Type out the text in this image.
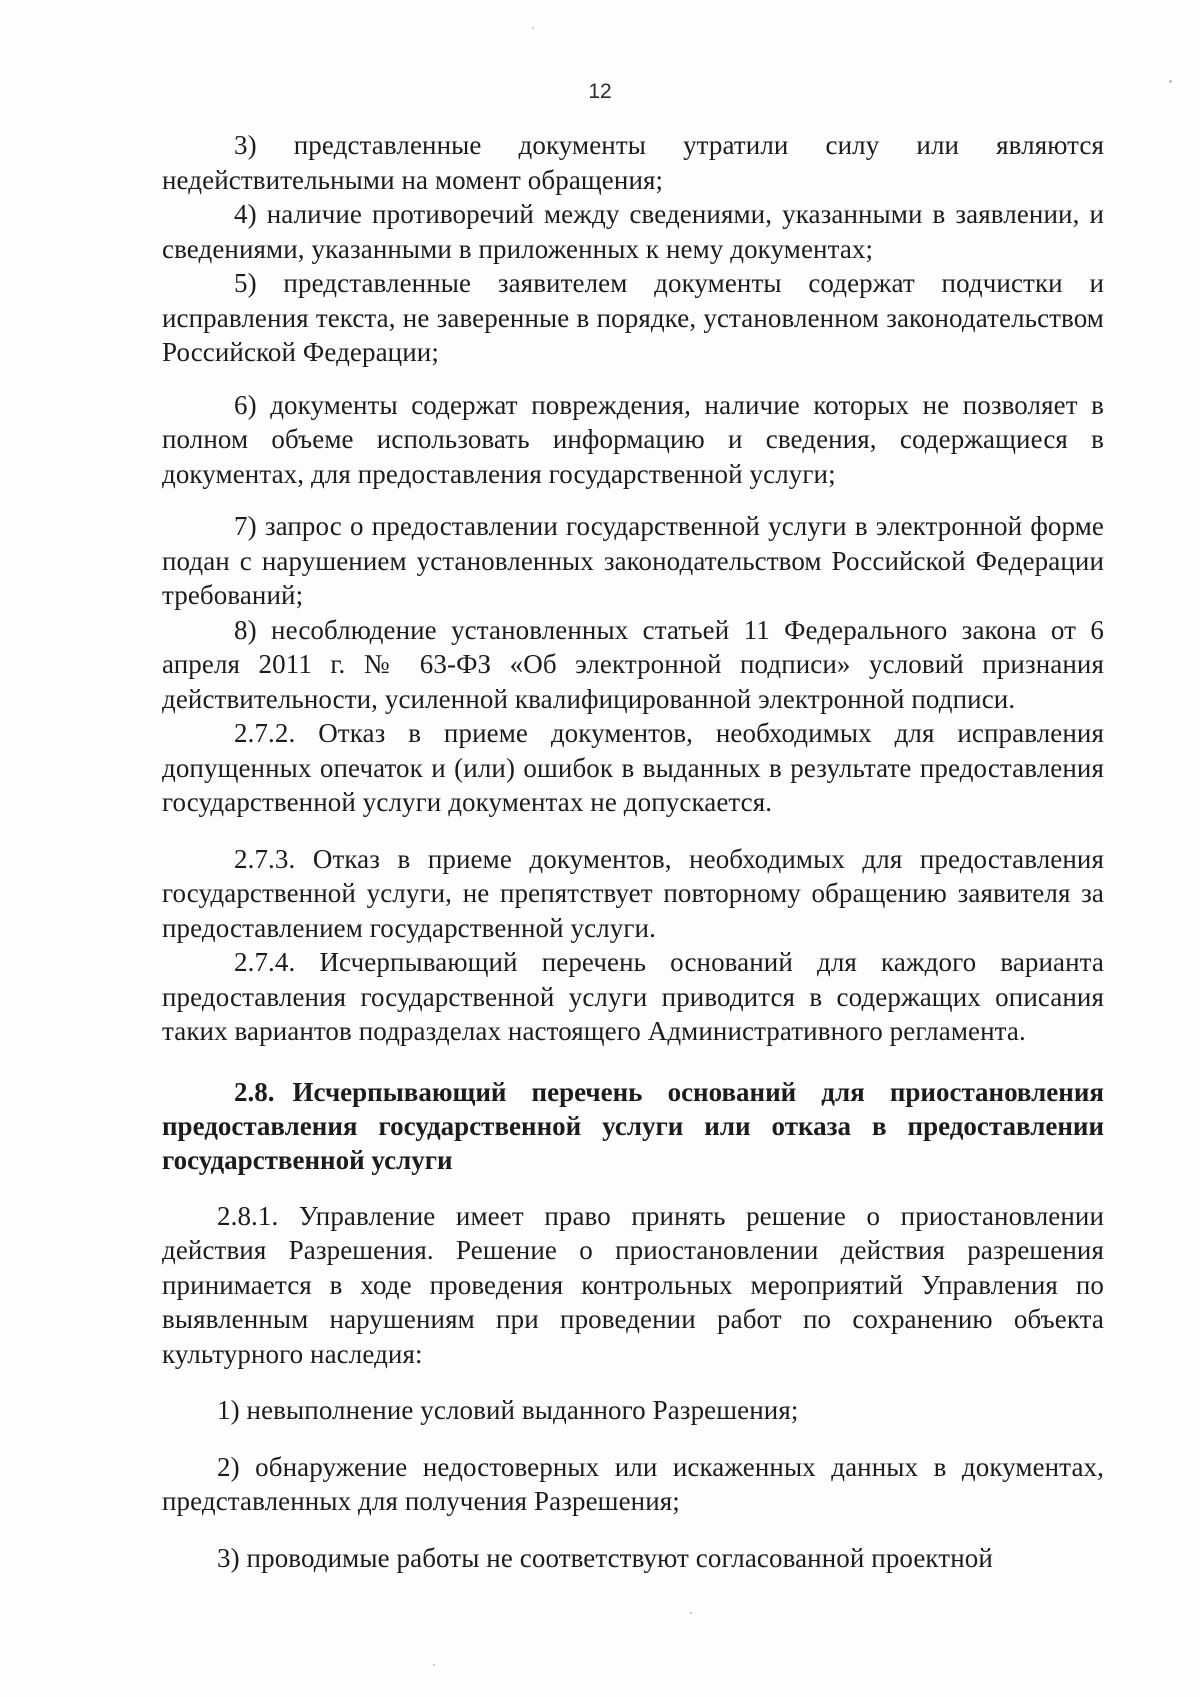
12

3) представленные документы утратили силу или являются недействительными на момент обращения;

4) наличие противоречий между сведениями, указанными в заявлении, и сведениями, указанными в приложенных к нему документах;

5) представленные заявителем документы содержат подчистки и исправления текста, не заверенные в порядке, установленном законодательством Российской Федерации;

6) документы содержат повреждения, наличие которых не позволяет в полном объеме использовать информацию и сведения, содержащиеся в документах, для предоставления государственной услуги;

7) запрос о предоставлении государственной услуги в электронной форме подан с нарушением установленных законодательством Российской Федерации требований;

8) несоблюдение установленных статьей 11 Федерального закона от 6 апреля 2011 г. № 63-ФЗ «Об электронной подписи» условий признания действительности, усиленной квалифицированной электронной подписи.

2.7.2. Отказ в приеме документов, необходимых для исправления допущенных опечаток и (или) ошибок в выданных в результате предоставления государственной услуги документах не допускается.

2.7.3. Отказ в приеме документов, необходимых для предоставления государственной услуги, не препятствует повторному обращению заявителя за предоставлением государственной услуги.

2.7.4. Исчерпывающий перечень оснований для каждого варианта предоставления государственной услуги приводится в содержащих описания таких вариантов подразделах настоящего Административного регламента.

2.8. Исчерпывающий перечень оснований для приостановления предоставления государственной услуги или отказа в предоставлении государственной услуги

2.8.1. Управление имеет право принять решение о приостановлении действия Разрешения. Решение о приостановлении действия разрешения принимается в ходе проведения контрольных мероприятий Управления по выявленным нарушениям при проведении работ по сохранению объекта культурного наследия:

1) невыполнение условий выданного Разрешения;

2) обнаружение недостоверных или искаженных данных в документах, представленных для получения Разрешения;

3) проводимые работы не соответствуют согласованной проектной
